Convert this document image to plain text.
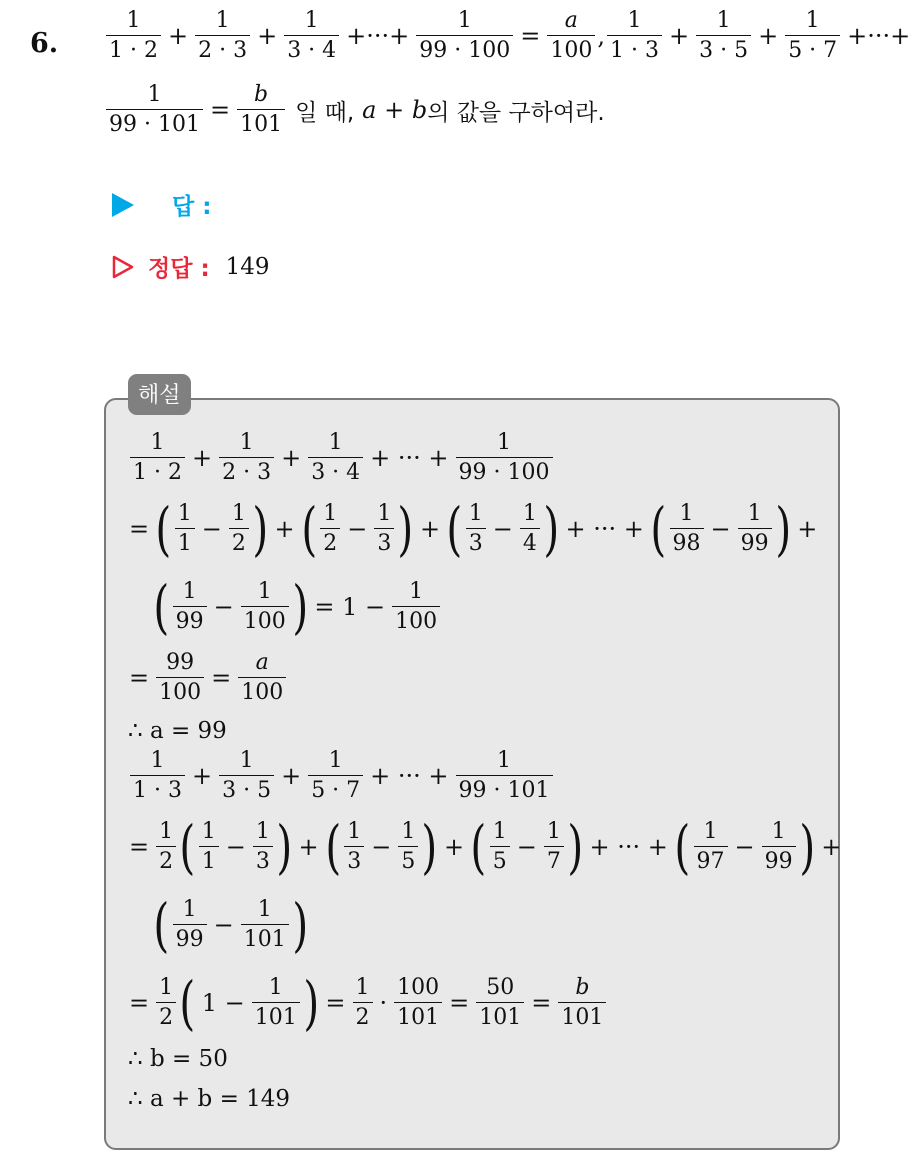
6. $\frac{1}{1 \cdot 2} + \frac{1}{2 \cdot 3} + \frac{1}{3 \cdot 4}$ +···+ $\frac{1}{99 \cdot 100} = \frac{a}{100}$ , $\frac{1}{1 \cdot 3} + \frac{1}{3 \cdot 5} + \frac{1}{5 \cdot 7}$ +···+
$\frac{1}{99 \cdot 101} = \frac{b}{101}$ 일 때, a + b 의 값을 구하여라.
답 :
정답 : 149
해설
$\frac{1}{1 \cdot 2} + \frac{1}{2 \cdot 3} + \frac{1}{3 \cdot 4}$ + ··· + $\frac{1}{99 \cdot 100}$
= ( $\frac{1}{1} - \frac{1}{2}$ ) + ( $\frac{1}{2} - \frac{1}{3}$ ) + ( $\frac{1}{3} - \frac{1}{4}$ ) + ··· + ( $\frac{1}{98} - \frac{1}{99}$ ) +
( $\frac{1}{99} - \frac{1}{100}$ ) = $1 - \frac{1}{100}$
= $\frac{99}{100} = \frac{a}{100}$
∴ a = 99
$\frac{1}{1 \cdot 3} + \frac{1}{3 \cdot 5} + \frac{1}{5 \cdot 7}$ + ··· + $\frac{1}{99 \cdot 101}$
= $\frac{1}{2}$ ( $\frac{1}{1} - \frac{1}{3}$ ) + ( $\frac{1}{3} - \frac{1}{5}$ ) + ( $\frac{1}{5} - \frac{1}{7}$ ) + ··· + ( $\frac{1}{97} - \frac{1}{99}$ ) +
( $\frac{1}{99} - \frac{1}{101}$ )
= $\frac{1}{2}$ ( $1 - \frac{1}{101}$ ) = $\frac{1}{2} \cdot \frac{100}{101} = \frac{50}{101} = \frac{b}{101}$
∴ b = 50
∴ a + b = 149
